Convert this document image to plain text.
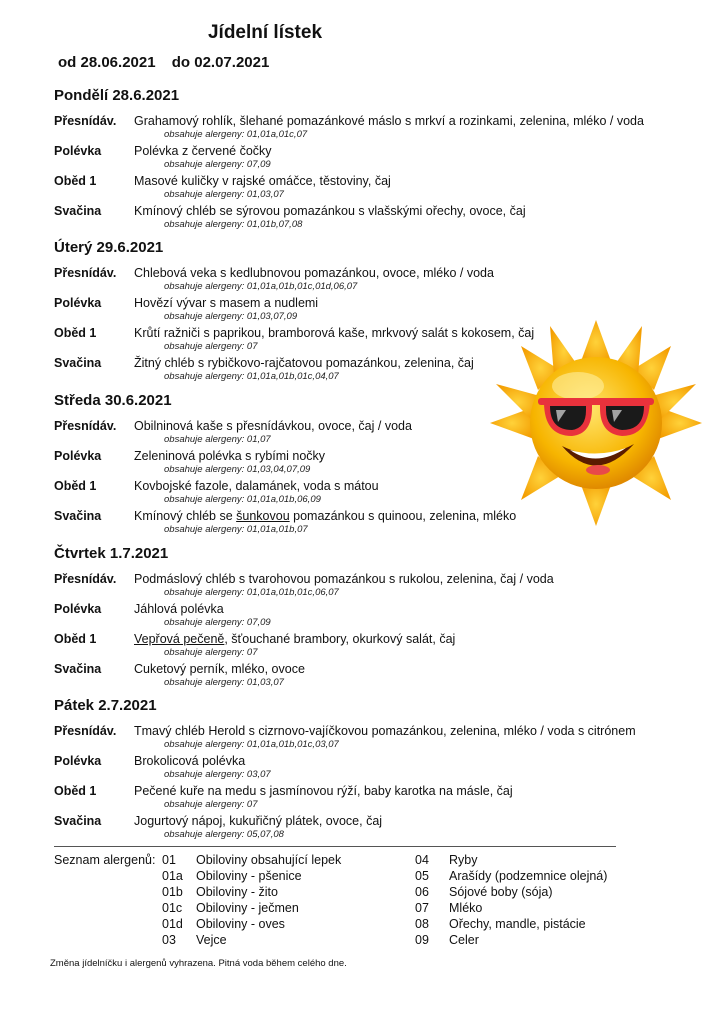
Jídelní lístek
od 28.06.2021 do 02.07.2021
Pondělí 28.6.2021
Přesnídáv. Grahamový rohlík, šlehané pomazánkové máslo s mrkví a rozinkami, zelenina, mléko / voda
obsahuje alergeny: 01,01a,01c,07
Polévka	Polévka z červené čočky
obsahuje alergeny: 07,09
Oběd 1	Masové kuličky v rajské omáčce, těstoviny, čaj
obsahuje alergeny: 01,03,07
Svačina	Kmínový chléb se sýrovou pomazánkou s vlašskými ořechy, ovoce, čaj
obsahuje alergeny: 01,01b,07,08
Úterý 29.6.2021
Přesnídáv. Chlebová veka s kedlubnovou pomazánkou, ovoce, mléko / voda
obsahuje alergeny: 01,01a,01b,01c,01d,06,07
Polévka	Hovězí vývar s masem a nudlemi
obsahuje alergeny: 01,03,07,09
Oběd 1	Krůtí ražniči s paprikou, bramborová kaše, mrkvový salát s kokosem, čaj
obsahuje alergeny: 07
Svačina	Žitný chléb s rybičkovo-rajčatovou pomazánkou, zelenina, čaj
obsahuje alergeny: 01,01a,01b,01c,04,07
Středa 30.6.2021
Přesnídáv. Obilninová kaše s přesnídávkou, ovoce, čaj / voda
obsahuje alergeny: 01,07
Polévka	Zeleninová polévka s rybími nočky
obsahuje alergeny: 01,03,04,07,09
Oběd 1	Kovbojské fazole, dalamánek, voda s mátou
obsahuje alergeny: 01,01a,01b,06,09
Svačina	Kmínový chléb se šunkovou pomazánkou s quinoou, zelenina, mléko
obsahuje alergeny: 01,01a,01b,07
Čtvrtek 1.7.2021
Přesnídáv. Podmáslový chléb s tvarohovou pomazánkou s rukolou, zelenina, čaj / voda
obsahuje alergeny: 01,01a,01b,01c,06,07
Polévka	Jáhlová polévka
obsahuje alergeny: 07,09
Oběd 1	Vepřová pečeně, šťouchané brambory, okurkový salát, čaj
obsahuje alergeny: 07
Svačina	Cuketový perník, mléko, ovoce
obsahuje alergeny: 01,03,07
Pátek 2.7.2021
Přesnídáv. Tmavý chléb Herold s cizrnovo-vajíčkovou pomazánkou, zelenina, mléko / voda s citrónem
obsahuje alergeny: 01,01a,01b,01c,03,07
Polévka	Brokolicová polévka
obsahuje alergeny: 03,07
Oběd 1	Pečené kuře na medu s jasmínovou rýží, baby karotka na másle, čaj
obsahuje alergeny: 07
Svačina	Jogurtový nápoj, kukuřičný plátek, ovoce, čaj
obsahuje alergeny: 05,07,08
Seznam alergenů: 01 Obiloviny obsahující lepek
01a Obiloviny - pšenice
01b Obiloviny - žito
01c Obiloviny - ječmen
01d Obiloviny - oves
03 Vejce
04 Ryby
05 Arašídy (podzemnice olejná)
06 Sójové boby (sója)
07 Mléko
08 Ořechy, mandle, pistácie
09 Celer
Změna jídelníčku i alergenů vyhrazena. Pitná voda během celého dne.
